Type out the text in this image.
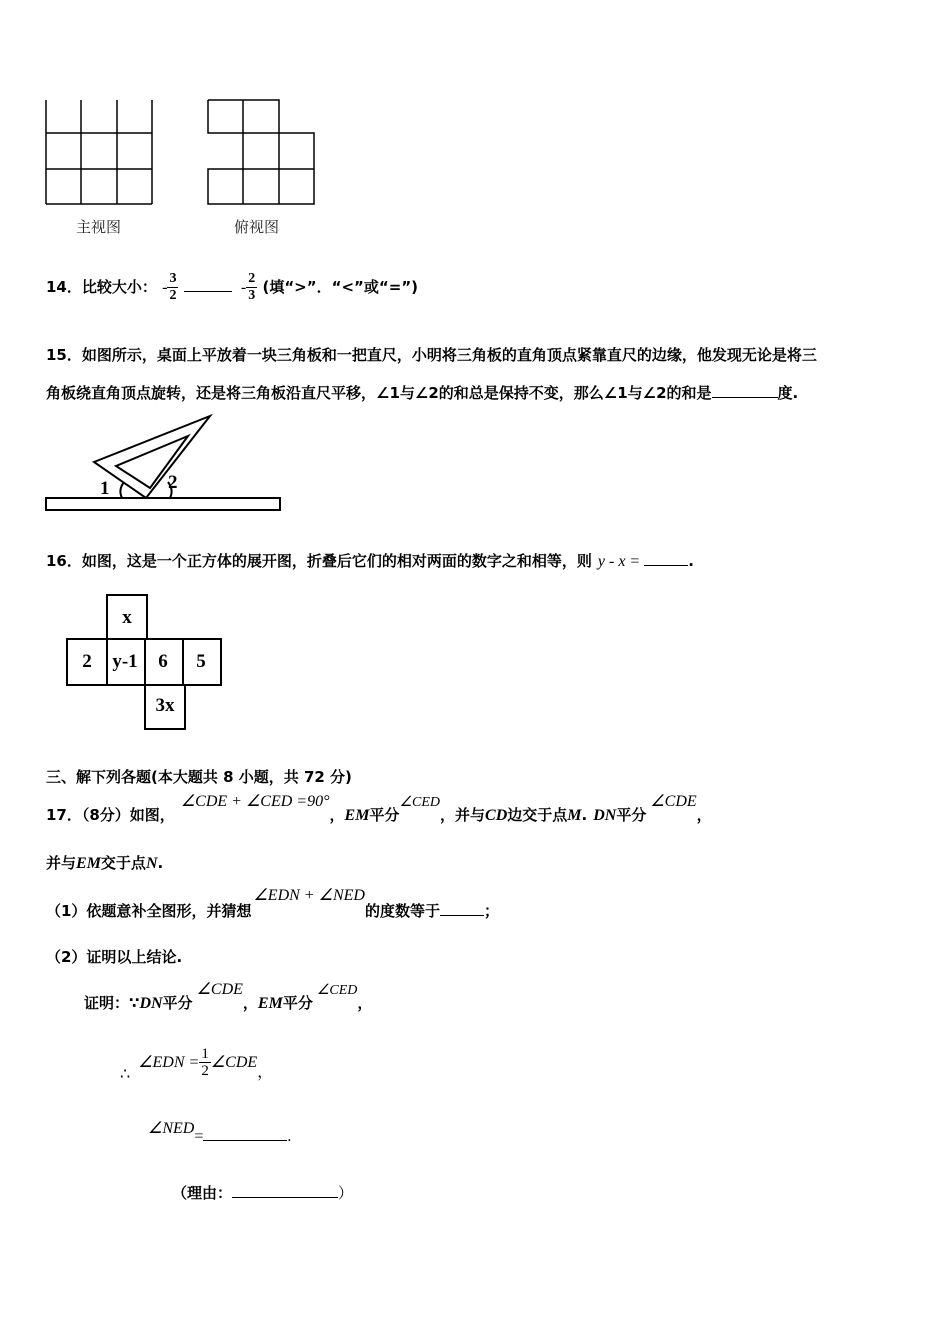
主视图	俯视图
14．比较大小： - $\frac{3}{2}$	- $\frac{2}{3}$ (填“>”．“<”或“=”)
15．如图所示，桌面上平放着一块三角板和一把直尺，小明将三角板的直角顶点紧靠直尺的边缘，他发现无论是将三
角板绕直角顶点旋转，还是将三角板沿直尺平移，∠1与∠2的和总是保持不变，那么∠1与∠2的和是	度.
1	2
16．如图，这是一个正方体的展开图，折叠后它们的相对两面的数字之和相等，则 y - x =	.
x
2	y-1	6	5
3x
三、解下列各题(本大题共 8 小题，共 72 分)
17．（8分）如图，∠CDE + ∠CED =90°，EM平分∠CED，并与CD边交于点M. DN平分∠CDE，
并与EM交于点N.
（1）依题意补全图形，并猜想∠EDN + ∠NED的度数等于	；
（2）证明以上结论.
证明：∵DN平分∠CDE，EM平分∠CED，
∴∠EDN = $\frac{1}{2}$ ∠CDE，
∠NED=	.
（理由：	）
